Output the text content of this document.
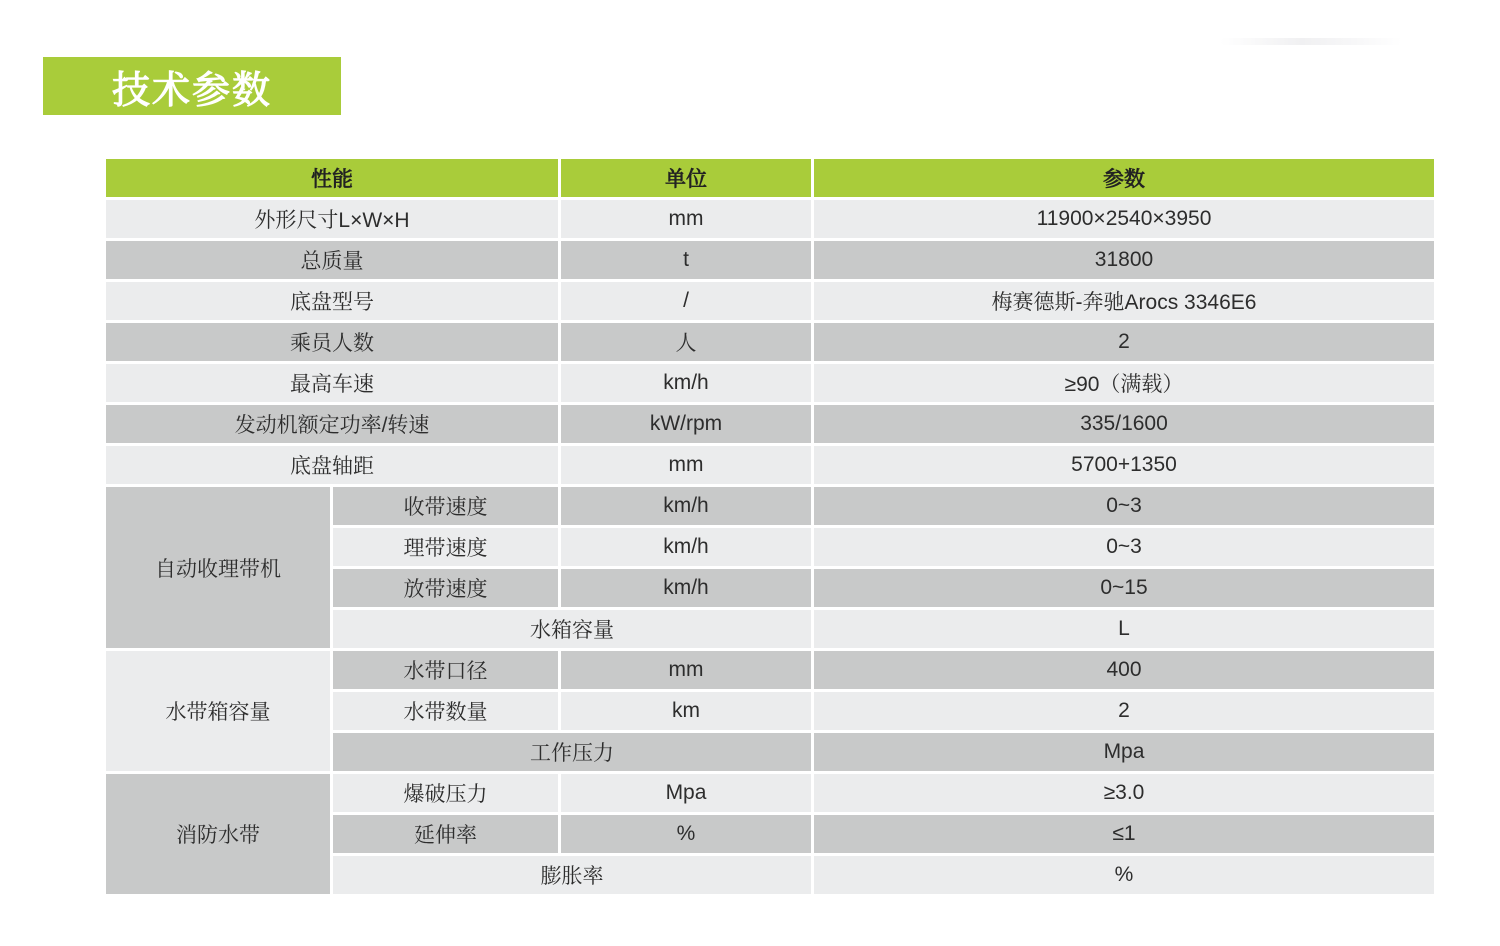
技术参数
性能		单位	参数	
外形尺寸L×W×H		mm	11900×2540×3950	
总质量		t	31800	
底盘型号		/	梅赛德斯-奔驰Arocs 3346E6	
乘员人数		人	2	
最高车速		km/h	≥90（满载）	
发动机额定功率/转速		kW/rpm	335/1600	
底盘轴距		mm	5700+1350	
自动收理带机	收带速度	km/h	0~3	
	理带速度	km/h	0~3	
	放带速度	km/h	0~15	
	水箱容量		L	
水带箱容量	水带口径	mm	400	
	水带数量	km	2	
	工作压力		Mpa	
消防水带	爆破压力	Mpa	≥3.0	
	延伸率	%	≤1	
	膨胀率		%	
